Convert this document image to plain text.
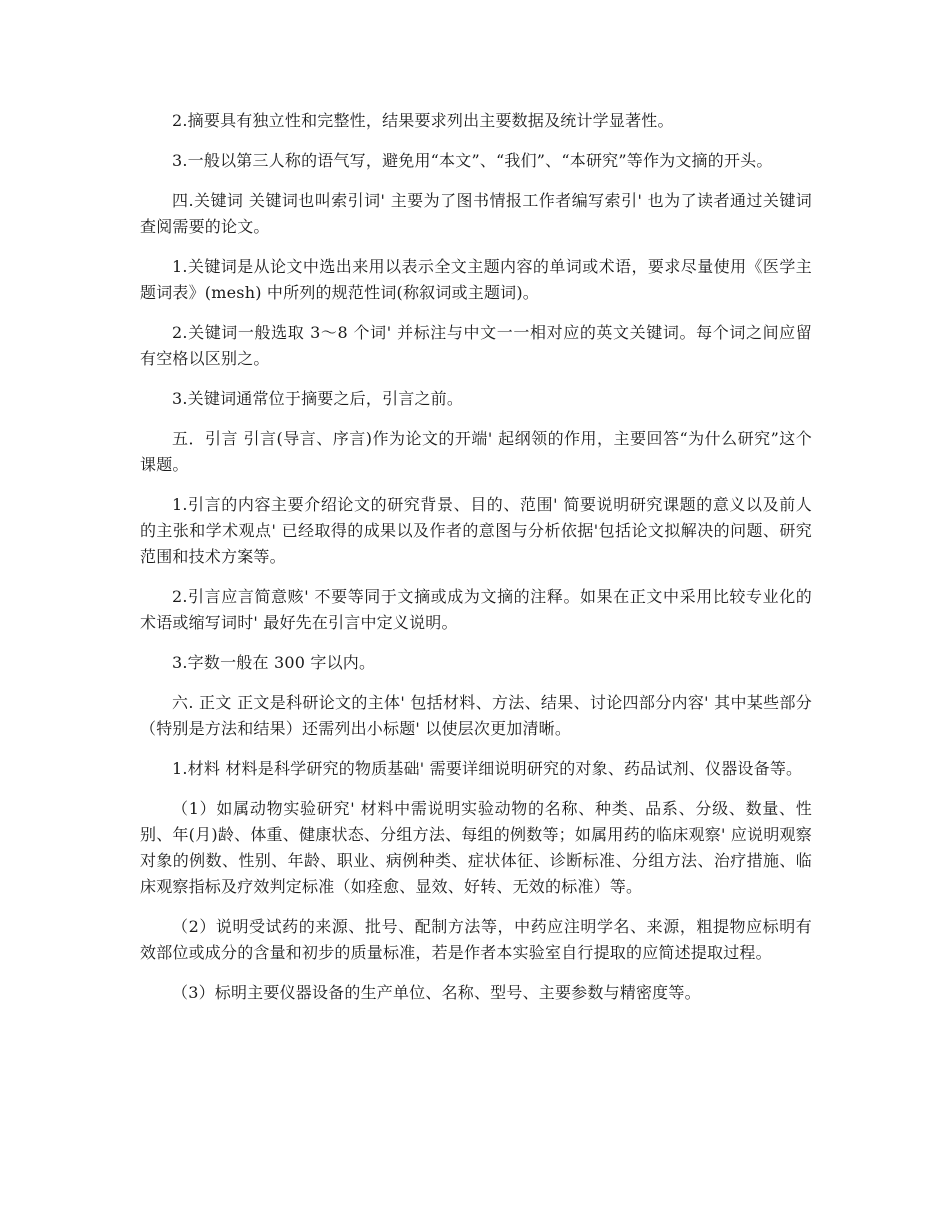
2.摘要具有独立性和完整性，结果要求列出主要数据及统计学显著性。

3.一般以第三人称的语气写，避免用“本文”、“我们”、“本研究”等作为文摘的开头。

四.关键词 关键词也叫索引词' 主要为了图书情报工作者编写索引' 也为了读者通过关键词查阅需要的论文。

1.关键词是从论文中选出来用以表示全文主题内容的单词或术语，要求尽量使用《医学主题词表》(mesh) 中所列的规范性词(称叙词或主题词)。

2.关键词一般选取 3～8 个词' 并标注与中文一一相对应的英文关键词。每个词之间应留有空格以区别之。

3.关键词通常位于摘要之后，引言之前。

五．引言 引言(导言、序言)作为论文的开端' 起纲领的作用，主要回答“为什么研究”这个课题。

1.引言的内容主要介绍论文的研究背景、目的、范围' 简要说明研究课题的意义以及前人的主张和学术观点' 已经取得的成果以及作者的意图与分析依据'包括论文拟解决的问题、研究范围和技术方案等。

2.引言应言简意赅' 不要等同于文摘或成为文摘的注释。如果在正文中采用比较专业化的术语或缩写词时' 最好先在引言中定义说明。

3.字数一般在 300 字以内。

六. 正文 正文是科研论文的主体' 包括材料、方法、结果、讨论四部分内容' 其中某些部分（特别是方法和结果）还需列出小标题' 以使层次更加清晰。

1.材料 材料是科学研究的物质基础' 需要详细说明研究的对象、药品试剂、仪器设备等。

（1）如属动物实验研究' 材料中需说明实验动物的名称、种类、品系、分级、数量、性别、年(月)龄、体重、健康状态、分组方法、每组的例数等；如属用药的临床观察' 应说明观察对象的例数、性别、年龄、职业、病例种类、症状体征、诊断标准、分组方法、治疗措施、临床观察指标及疗效判定标准（如痊愈、显效、好转、无效的标准）等。

（2）说明受试药的来源、批号、配制方法等，中药应注明学名、来源，粗提物应标明有效部位或成分的含量和初步的质量标准，若是作者本实验室自行提取的应简述提取过程。

（3）标明主要仪器设备的生产单位、名称、型号、主要参数与精密度等。
